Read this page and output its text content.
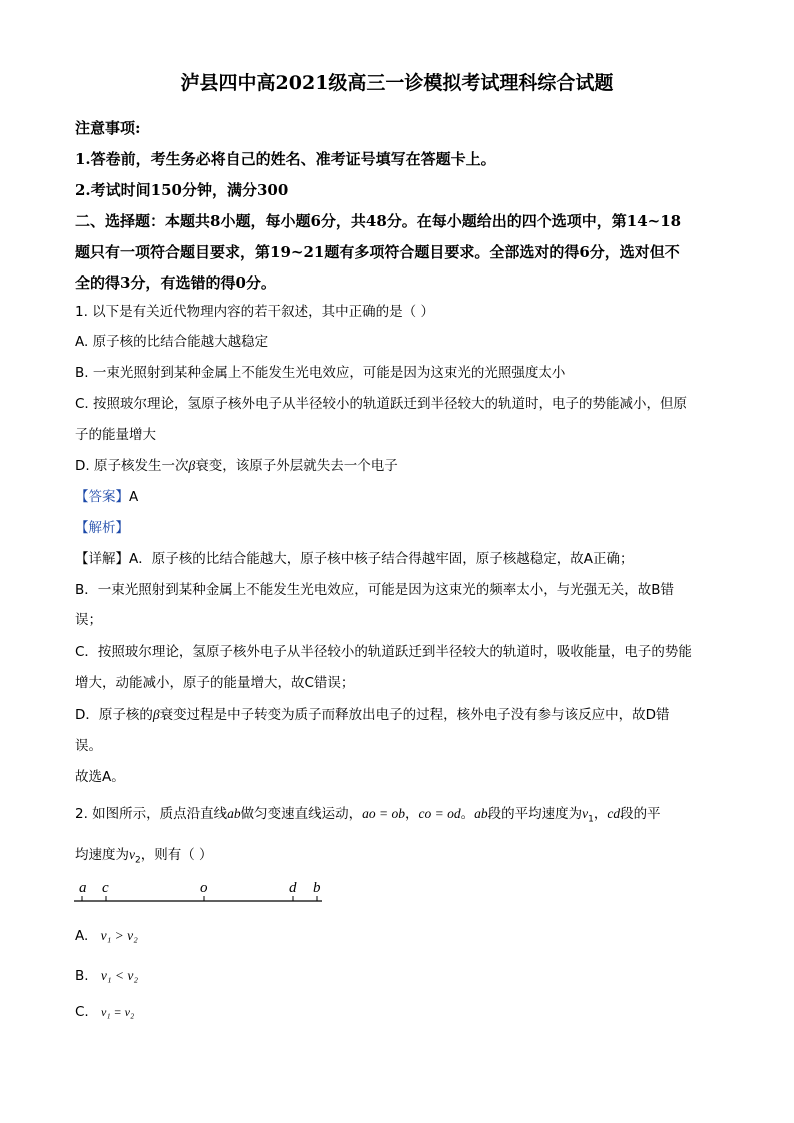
泸县四中高2021级高三一诊模拟考试理科综合试题
注意事项:
1.答卷前，考生务必将自己的姓名、准考证号填写在答题卡上。
2.考试时间150分钟，满分300
二、选择题：本题共8小题，每小题6分，共48分。在每小题给出的四个选项中，第14~18
题只有一项符合题目要求，第19~21题有多项符合题目要求。全部选对的得6分，选对但不
全的得3分，有选错的得0分。
1. 以下是有关近代物理内容的若干叙述，其中正确的是（ ）
A. 原子核的比结合能越大越稳定
B. 一束光照射到某种金属上不能发生光电效应，可能是因为这束光的光照强度太小
C. 按照玻尔理论，氢原子核外电子从半径较小的轨道跃迁到半径较大的轨道时，电子的势能减小，但原
子的能量增大
D. 原子核发生一次β衰变，该原子外层就失去一个电子
【答案】A
【解析】
【详解】A．原子核的比结合能越大，原子核中核子结合得越牢固，原子核越稳定，故A正确；
B．一束光照射到某种金属上不能发生光电效应，可能是因为这束光的频率太小，与光强无关，故B错
误；
C．按照玻尔理论，氢原子核外电子从半径较小的轨道跃迁到半径较大的轨道时，吸收能量，电子的势能
增大，动能减小，原子的能量增大，故C错误；
D．原子核的β衰变过程是中子转变为质子而释放出电子的过程，核外电子没有参与该反应中，故D错
误。
故选A。
2. 如图所示，质点沿直线ab做匀变速直线运动，ao = ob，co = od。ab段的平均速度为$v_1$，cd段的平
均速度为$v_2$，则有（ ）
a c	o	d b
A. v₁ > v₂
B. v₁ < v₂
C. v₁ = v₂
